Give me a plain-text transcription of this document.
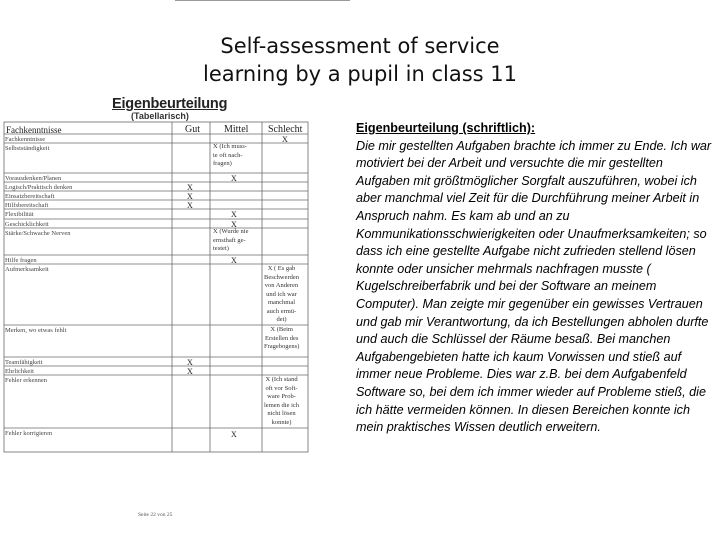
Self-assessment of service
learning by a pupil in class 11
Eigenbeurteilung
(Tabellarisch)
Fachkenntnisse	Gut Mittel Schlecht
Fachkenntnisse
Selbstständigkeit
Vorausdenken/Planen
Logisch/Praktisch denken
Einsatzbereitschaft
Hilfsbereitschaft
Flexibilität
Geschicklichkeit
Stärke/Schwache Nerven
Hilfe fragen
Aufmerksamkeit
Merken, wo etwas fehlt
Teamfähigkeit
Ehrlichkeit
Fehler erkennen
Fehler korrigieren
X
X
X
X
X
X
X
X
X
X
X
X (Ich muss-
te oft nach-
fragen)
X (Wurde nie
ernsthaft ge-
testet)
X ( Es gab
Beschwerden
von Anderen
und ich war
manchmal
auch ermü-
det)
X (Beim
Erstellen des
Fragebogens)
X (Ich stand
oft vor Soft-
ware Prob-
lemen die ich
nicht lösen
konnte)
Seite 22 von 25
Eigenbeurteilung (schriftlich):
Die mir gestellten Aufgaben brachte ich immer zu Ende. Ich war motiviert bei der Arbeit und versuchte die mir gestellten Aufgaben mit größtmöglicher Sorgfalt auszuführen, wobei ich aber manchmal viel Zeit für die Durchführung meiner Arbeit in Anspruch nahm. Es kam ab und an zu Kommunikationsschwierigkeiten oder Unaufmerksamkeiten; so dass ich eine gestellte Aufgabe nicht zufrieden stellend lösen konnte oder unsicher mehrmals nachfragen musste ( Kugelschreiberfabrik und bei der Software an meinem Computer). Man zeigte mir gegenüber ein gewisses Vertrauen und gab mir Verantwortung, da ich Bestellungen abholen durfte und auch die Schlüssel der Räume besaß. Bei manchen Aufgabengebieten hatte ich kaum Vorwissen und stieß auf immer neue Probleme. Dies war z.B. bei dem Aufgabenfeld Software so, bei dem ich immer wieder auf Probleme stieß, die ich hätte vermeiden können. In diesen Bereichen konnte ich mein praktisches Wissen deutlich erweitern.
